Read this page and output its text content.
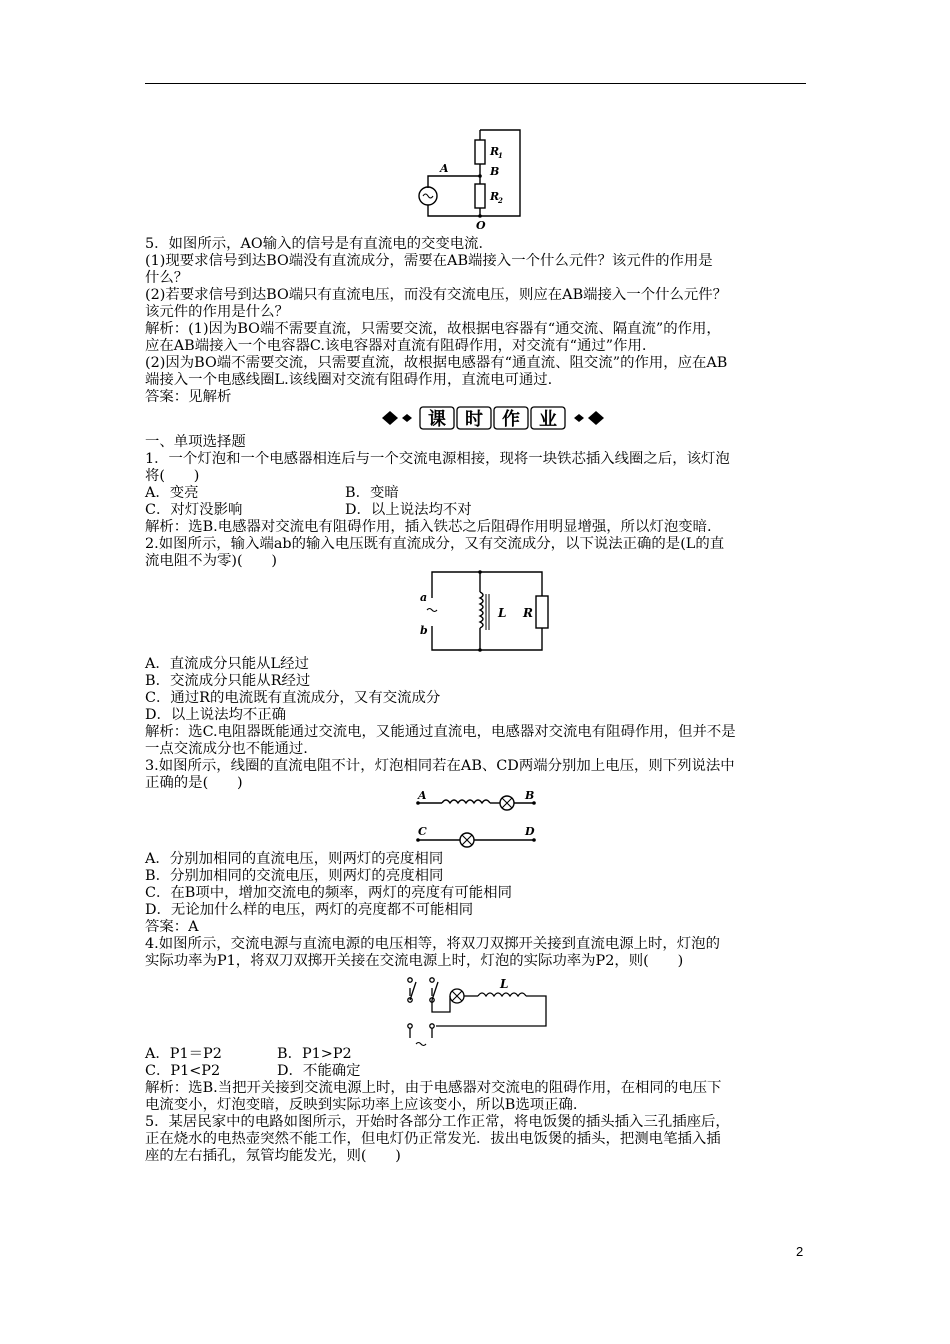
A
R
1
B
R
2
O
5．如图所示，AO输入的信号是有直流电的交变电流．
(1)现要求信号到达BO端没有直流成分，需要在AB端接入一个什么元件？该元件的作用是
什么？
(2)若要求信号到达BO端只有直流电压，而没有交流电压，则应在AB端接入一个什么元件？
该元件的作用是什么？
解析：(1)因为BO端不需要直流，只需要交流，故根据电容器有“通交流、隔直流”的作用，
应在AB端接入一个电容器C.该电容器对直流有阻碍作用，对交流有“通过”作用.
(2)因为BO端不需要交流，只需要直流，故根据电感器有“通直流、阻交流”的作用，应在AB
端接入一个电感线圈L.该线圈对交流有阻碍作用，直流电可通过.
答案：见解析
课 时 作 业
一、单项选择题
1．一个灯泡和一个电感器相连后与一个交流电源相接，现将一块铁芯插入线圈之后，该灯泡
将(　　)
A．变亮	B．变暗
C．对灯没影响	D．以上说法均不对
解析：选B.电感器对交流电有阻碍作用，插入铁芯之后阻碍作用明显增强，所以灯泡变暗.
2.如图所示，输入端ab的输入电压既有直流成分，又有交流成分，以下说法正确的是(L的直
流电阻不为零)(　　)
a
b
L R
A．直流成分只能从L经过
B．交流成分只能从R经过
C．通过R的电流既有直流成分，又有交流成分
D．以上说法均不正确
解析：选C.电阻器既能通过交流电，又能通过直流电，电感器对交流电有阻碍作用，但并不是
一点交流成分也不能通过.
3.如图所示，线圈的直流电阻不计，灯泡相同若在AB、CD两端分别加上电压，则下列说法中
正确的是(　　)
A	B
C	D
A．分别加相同的直流电压，则两灯的亮度相同
B．分别加相同的交流电压，则两灯的亮度相同
C．在B项中，增加交流电的频率，两灯的亮度有可能相同
D．无论加什么样的电压，两灯的亮度都不可能相同
答案：A
4.如图所示，交流电源与直流电源的电压相等，将双刀双掷开关接到直流电源上时，灯泡的
实际功率为P1，将双刀双掷开关接在交流电源上时，灯泡的实际功率为P2，则(　　)
L
A．P1＝P2	B．P1>P2
C．P1<P2	D．不能确定
解析：选B.当把开关接到交流电源上时，由于电感器对交流电的阻碍作用，在相同的电压下
电流变小，灯泡变暗，反映到实际功率上应该变小，所以B选项正确.
5．某居民家中的电路如图所示，开始时各部分工作正常，将电饭煲的插头插入三孔插座后，
正在烧水的电热壶突然不能工作，但电灯仍正常发光．拔出电饭煲的插头，把测电笔插入插
座的左右插孔，氖管均能发光，则(　　)
2
